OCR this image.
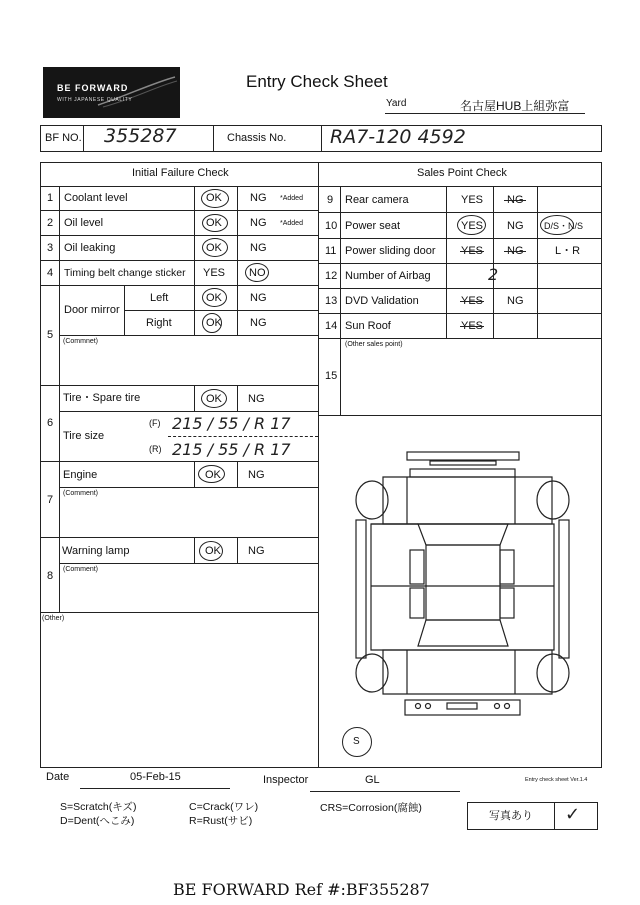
BE FORWARD
WITH JAPANESE QUALITY
Entry Check Sheet
Yard	名古屋HUB上組弥富
BF NO. 355287	Chassis No. RA7-120 4592
Initial Failure Check	Sales Point Check
1 Coolant level	OK	NG *Added
2 Oil level	OK	NG *Added
3 Oil leaking	OK	NG
4 Timing belt change sticker YES NO
5
Door mirror
Left	OK	NG
Right	OK	NG
(Commnet)
6
Tire・Spare tire	OK NG
Tire size
(F) 215 / 55 / R 17
(R) 215 / 55 / R 17
7
Engine	OK NG
(Comment)
8
Warning lamp	OK NG
(Comment)
(Other)
9 Rear camera	YES NG
10 Power seat	YES NG D/S・N/S
11 Power sliding door YES NG	L・R
12 Number of Airbag	2
13 DVD Validation	YES NG
14 Sun Roof	YES
15
(Other sales point)
S
Date	05-Feb-15	Inspector	GL	Entry check sheet Ver.1.4
S=Scratch(キズ)
D=Dent(へこみ)
C=Crack(ワレ)
R=Rust(サビ)
CRS=Corrosion(腐蝕)
写真あり ✓
BE FORWARD Ref #:BF355287
